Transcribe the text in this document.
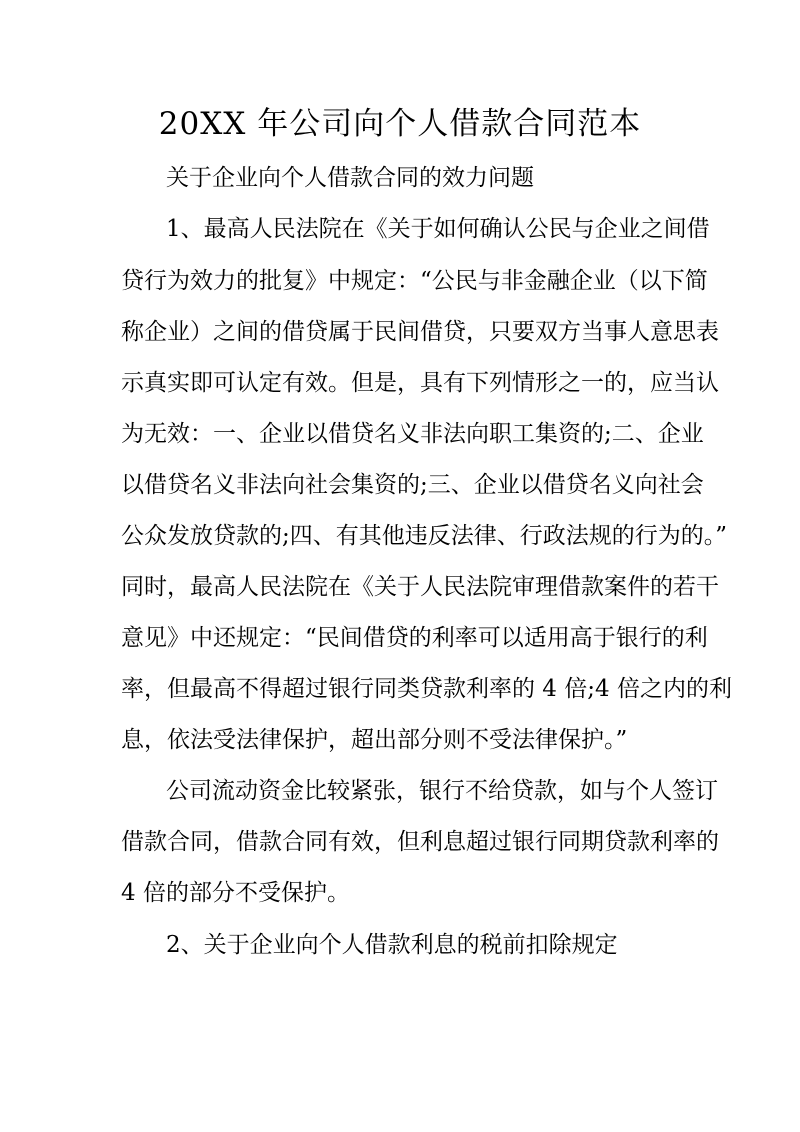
20XX 年公司向个人借款合同范本

关于企业向个人借款合同的效力问题

1、最高人民法院在《关于如何确认公民与企业之间借

贷行为效力的批复》中规定：“公民与非金融企业（以下简

称企业）之间的借贷属于民间借贷，只要双方当事人意思表

示真实即可认定有效。但是，具有下列情形之一的，应当认

为无效：一、企业以借贷名义非法向职工集资的;二、企业

以借贷名义非法向社会集资的;三、企业以借贷名义向社会

公众发放贷款的;四、有其他违反法律、行政法规的行为的。”

同时，最高人民法院在《关于人民法院审理借款案件的若干

意见》中还规定：“民间借贷的利率可以适用高于银行的利

率，但最高不得超过银行同类贷款利率的 4 倍;4 倍之内的利

息，依法受法律保护，超出部分则不受法律保护。”

公司流动资金比较紧张，银行不给贷款，如与个人签订

借款合同，借款合同有效，但利息超过银行同期贷款利率的

4 倍的部分不受保护。

2、关于企业向个人借款利息的税前扣除规定
